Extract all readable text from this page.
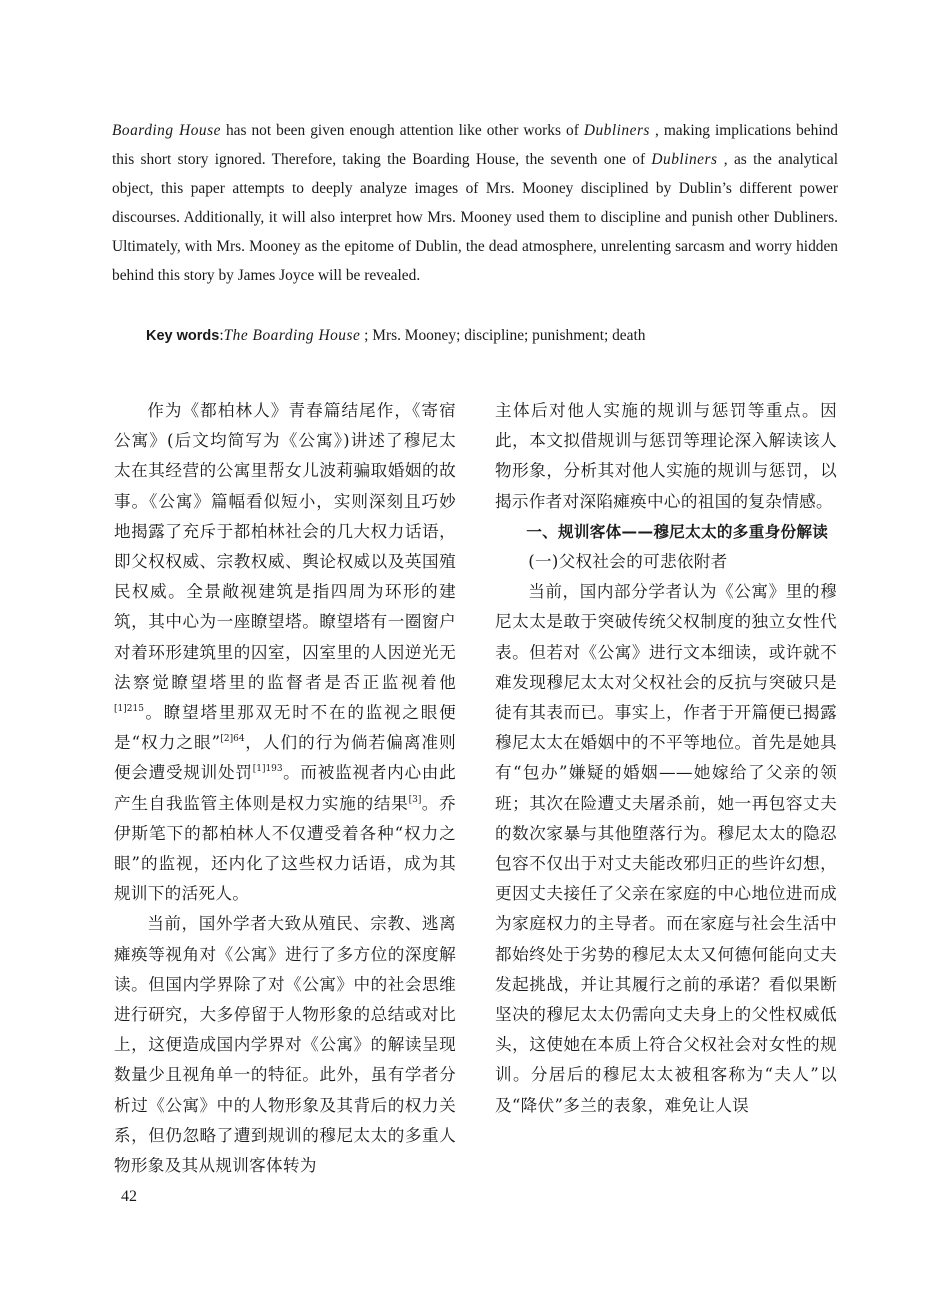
Boarding House has not been given enough attention like other works of Dubliners , making implications behind this short story ignored. Therefore, taking the Boarding House, the seventh one of Dubliners , as the analytical object, this paper attempts to deeply analyze images of Mrs. Mooney disciplined by Dublin’s different power discourses. Additionally, it will also interpret how Mrs. Mooney used them to discipline and punish other Dubliners. Ultimately, with Mrs. Mooney as the epitome of Dublin, the dead atmosphere, unrelenting sarcasm and worry hidden behind this story by James Joyce will be revealed.
Key words:The Boarding House ; Mrs. Mooney; discipline; punishment; death

作为《都柏林人》青春篇结尾作，《寄宿公寓》(后文均简写为《公寓》)讲述了穆尼太太在其经营的公寓里帮女儿波莉骗取婚姻的故事。《公寓》篇幅看似短小，实则深刻且巧妙地揭露了充斥于都柏林社会的几大权力话语，即父权权威、宗教权威、舆论权威以及英国殖民权威。全景敞视建筑是指四周为环形的建筑，其中心为一座瞭望塔。瞭望塔有一圈窗户对着环形建筑里的囚室，囚室里的人因逆光无法察觉瞭望塔里的监督者是否正监视着他$^{[1]215}$。瞭望塔里那双无时不在的监视之眼便是“权力之眼”$^{[2]64}$，人们的行为倘若偏离准则便会遭受规训处罚$^{[1]193}$。而被监视者内心由此产生自我监管主体则是权力实施的结果[3]。乔伊斯笔下的都柏林人不仅遭受着各种“权力之眼”的监视，还内化了这些权力话语，成为其规训下的活死人。

当前，国外学者大致从殖民、宗教、逃离瘫痪等视角对《公寓》进行了多方位的深度解读。但国内学界除了对《公寓》中的社会思维进行研究，大多停留于人物形象的总结或对比上，这便造成国内学界对《公寓》的解读呈现数量少且视角单一的特征。此外，虽有学者分析过《公寓》中的人物形象及其背后的权力关系，但仍忽略了遭到规训的穆尼太太的多重人物形象及其从规训客体转为

主体后对他人实施的规训与惩罚等重点。因此，本文拟借规训与惩罚等理论深入解读该人物形象，分析其对他人实施的规训与惩罚，以揭示作者对深陷瘫痪中心的祖国的复杂情感。

一、规训客体——穆尼太太的多重身份解读

(一)父权社会的可悲依附者

当前，国内部分学者认为《公寓》里的穆尼太太是敢于突破传统父权制度的独立女性代表。但若对《公寓》进行文本细读，或许就不难发现穆尼太太对父权社会的反抗与突破只是徒有其表而已。事实上，作者于开篇便已揭露穆尼太太在婚姻中的不平等地位。首先是她具有“包办”嫌疑的婚姻——她嫁给了父亲的领班；其次在险遭丈夫屠杀前，她一再包容丈夫的数次家暴与其他堕落行为。穆尼太太的隐忍包容不仅出于对丈夫能改邪归正的些许幻想，更因丈夫接任了父亲在家庭的中心地位进而成为家庭权力的主导者。而在家庭与社会生活中都始终处于劣势的穆尼太太又何德何能向丈夫发起挑战，并让其履行之前的承诺？看似果断坚决的穆尼太太仍需向丈夫身上的父性权威低头，这使她在本质上符合父权社会对女性的规训。分居后的穆尼太太被租客称为“夫人”以及“降伏”多兰的表象，难免让人误

42
